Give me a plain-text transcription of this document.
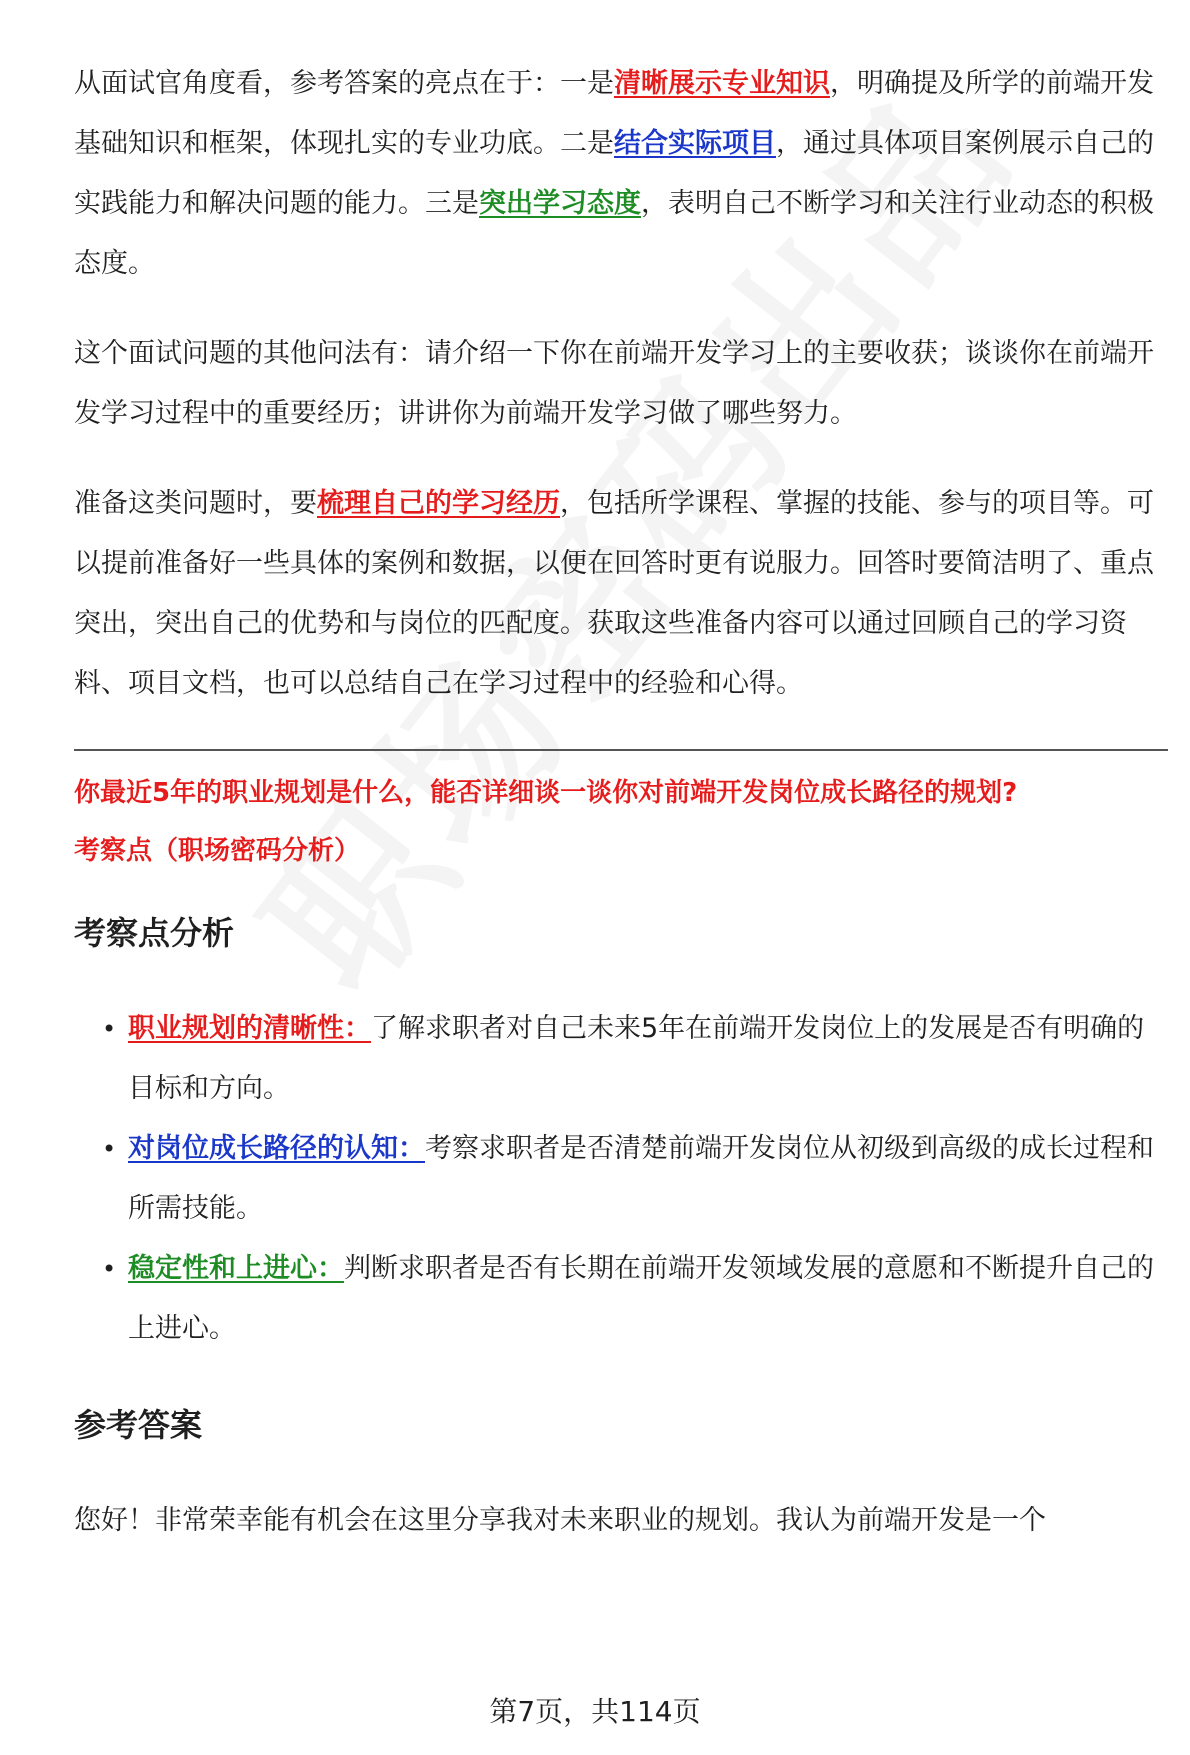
从面试官角度看，参考答案的亮点在于：一是清晰展示专业知识，明确提及所学的前端开发基础知识和框架，体现扎实的专业功底。二是结合实际项目，通过具体项目案例展示自己的实践能力和解决问题的能力。三是突出学习态度，表明自己不断学习和关注行业动态的积极态度。

这个面试问题的其他问法有：请介绍一下你在前端开发学习上的主要收获；谈谈你在前端开发学习过程中的重要经历；讲讲你为前端开发学习做了哪些努力。

准备这类问题时，要梳理自己的学习经历，包括所学课程、掌握的技能、参与的项目等。可以提前准备好一些具体的案例和数据，以便在回答时更有说服力。回答时要简洁明了、重点突出，突出自己的优势和与岗位的匹配度。获取这些准备内容可以通过回顾自己的学习资料、项目文档，也可以总结自己在学习过程中的经验和心得。

你最近5年的职业规划是什么，能否详细谈一谈你对前端开发岗位成长路径的规划?
考察点（职场密码分析）
考察点分析
• 职业规划的清晰性：了解求职者对自己未来5年在前端开发岗位上的发展是否有明确的目标和方向。
• 对岗位成长路径的认知：考察求职者是否清楚前端开发岗位从初级到高级的成长过程和所需技能。
• 稳定性和上进心：判断求职者是否有长期在前端开发领域发展的意愿和不断提升自己的上进心。
参考答案

您好！非常荣幸能有机会在这里分享我对未来职业的规划。我认为前端开发是一个

第7页，共114页
